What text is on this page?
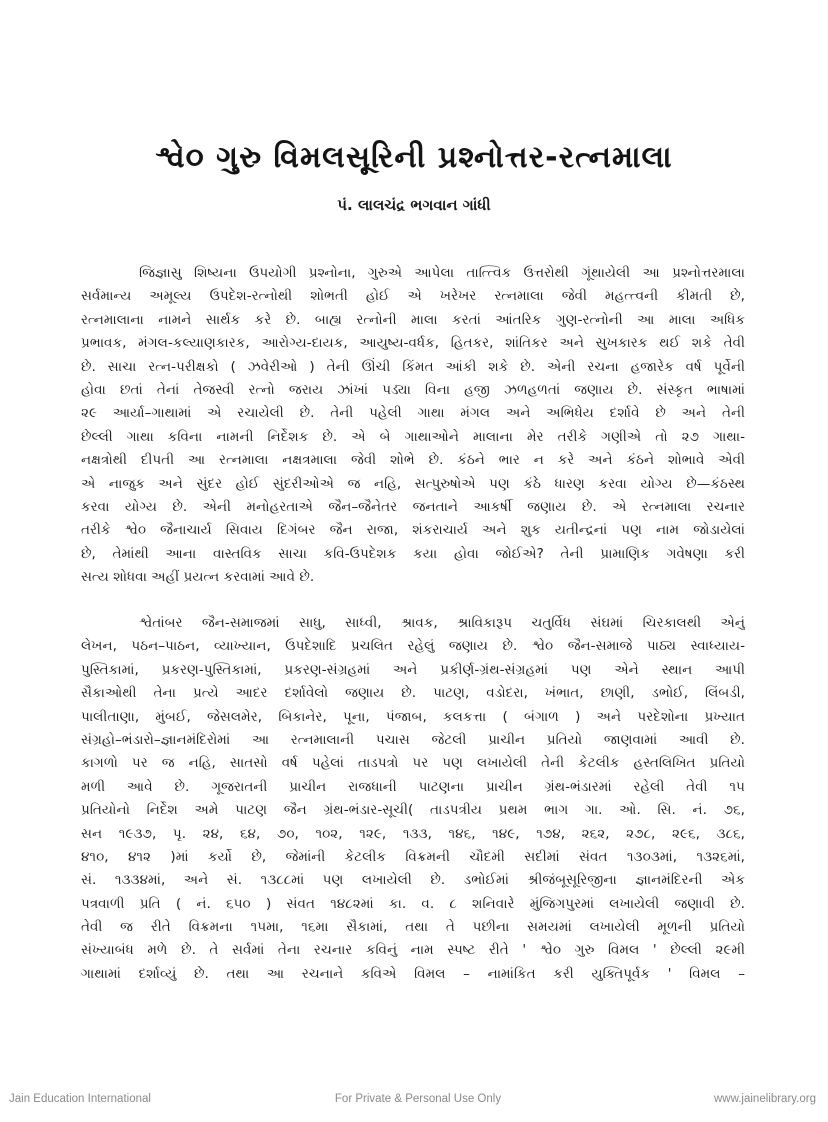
શ્વે૦ ગુરુ વિમલસૂરિની પ્રશ્નોત્તર-રત્નમાલા
પં. લાલચંદ્ર ભગવાન ગાંધી
જિજ્ઞાસુ શિષ્યના ઉપયોગી પ્રશ્નોના, ગુરુએ આપેલા તાત્ત્વિક ઉત્તરોથી ગૂંથાયેલી આ પ્રશ્નોત્તરમાલા
સર્વમાન્ય અમૂલ્ય ઉપદેશ-રત્નોથી શોભતી હોઈ એ ખરેખર રત્નમાલા જેવી મહત્ત્વની કીમતી છે,
રત્નમાલાના નામને સાર્થક કરે છે. બાહ્ય રત્નોની માલા કરતાં આંતરિક ગુણ-રત્નોની આ માલા અધિક
પ્રભાવક, મંગલ-કલ્યાણકારક, આરોગ્ય-દાયક, આયુષ્ય-વર્ધક, હિતકર, શાંતિકર અને સુખકારક થઈ શકે તેવી
છે. સાચા રત્ન-પરીક્ષકો ( ઝવેરીઓ ) તેની ઊંચી કિંમત આંકી શકે છે. એની રચના હજારેક વર્ષ પૂર્વેની
હોવા છતાં તેનાં તેજસ્વી રત્નો જરાય ઝાંખાં પડ્યા વિના હજી ઝળહળતાં જણાય છે. સંસ્કૃત ભાષામાં
૨૯ આર્યા–ગાથામાં એ રચાયેલી છે. તેની પહેલી ગાથા મંગલ અને અભિધેય દર્શાવે છે અને તેની
છેલ્લી ગાથા કવિના નામની નિર્દેશક છે. એ બે ગાથાઓને માલાના મેર તરીકે ગણીએ તો ૨૭ ગાથા-
નક્ષત્રોથી દીપતી આ રત્નમાલા નક્ષત્રમાલા જેવી શોભે છે. કંઠને ભાર ન કરે અને કંઠને શોભાવે એવી
એ નાજુક અને સુંદર હોઈ સુંદરીઓએ જ નહિ, સત્પુરુષોએ પણ કંઠે ધારણ કરવા યોગ્ય છે—કંઠસ્થ
કરવા યોગ્ય છે. એની મનોહરતાએ જૈન–જૈનેતર જનતાને આકર્ષી જણાય છે. એ રત્નમાલા રચનાર
તરીકે શ્વે૦ જૈનાચાર્ય સિવાય દિગંબર જૈન રાજા, શંકરાચાર્ય અને શુક યતીન્દ્રનાં પણ નામ જોડાયેલાં
છે, તેમાંથી આના વાસ્તવિક સાચા કવિ-ઉપદેશક કયા હોવા જોઈએ? તેની પ્રામાણિક ગવેષણા કરી
સત્ય શોધવા અહીં પ્રયત્ન કરવામાં આવે છે.
શ્વેતાંબર જૈન-સમાજમાં સાધુ, સાધ્વી, શ્રાવક, શ્રાવિકારૂપ ચતુર્વિધ સંઘમાં ચિરકાલથી એનું
લેખન, પઠન–પાઠન, વ્યાખ્યાન, ઉપદેશાદિ પ્રચલિત રહેલું જણાય છે. શ્વે૦ જૈન-સમાજે પાઠ્ય સ્વાધ્યાય-
પુસ્તિકામાં, પ્રકરણ-પુસ્તિકામાં, પ્રકરણ-સંગ્રહમાં અને પ્રકીર્ણ-ગ્રંથ-સંગ્રહમાં પણ એને સ્થાન આપી
સૈકાઓથી તેના પ્રત્યે આદર દર્શાવેલો જણાય છે. પાટણ, વડોદરા, ખંભાત, છાણી, ડભોઈ, લિંબડી,
પાલીતાણા, મુંબઈ, જેસલમેર, બિકાનેર, પૂના, પંજાબ, કલકત્તા ( બંગાળ ) અને પરદેશોના પ્રખ્યાત
સંગ્રહો–ભંડારો–જ્ઞાનમંદિરોમાં આ રત્નમાલાની પચાસ જેટલી પ્રાચીન પ્રતિયો જાણવામાં આવી છે.
કાગળો પર જ નહિ, સાતસો વર્ષ પહેલાં તાડપત્રો પર પણ લખાયેલી તેની કેટલીક હસ્તલિખિત પ્રતિયો
મળી આવે છે. ગૂજરાતની પ્રાચીન રાજધાની પાટણના પ્રાચીન ગ્રંથ-ભંડારમાં રહેલી તેવી ૧૫
પ્રતિયોનો નિર્દેશ અમે પાટણ જૈન ગ્રંથ-ભંડાર-સૂચી( તાડપત્રીય પ્રથમ ભાગ ગા. ઓ. સિ. નં. ૭૬,
સન ૧૯૩૭, પૃ. ૨૪, ૬૪, ૭૦, ૧૦૨, ૧૨૯, ૧૩૩, ૧૪૬, ૧૪૯, ૧૭૪, ૨૬૨, ૨૭૮, ૨૯૬, ૩૮૬,
૪૧૦, ૪૧૨ )માં કર્યો છે, જેમાંની કેટલીક વિક્રમની ચૌદમી સદીમાં સંવત ૧૩૦૩માં, ૧૩૨૬માં,
સં. ૧૩૩૪માં, અને સં. ૧૩૮૮માં પણ લખાયેલી છે. ડભોઈમાં શ્રીજંબૂસૂરિજીના જ્ઞાનમંદિરની એક
પત્રવાળી પ્રતિ ( નં. ૬૫૦ ) સંવત ૧૪૮૨માં કા. વ. ૮ શનિવારે મુંજિગપુરમાં લખાયેલી જણાવી છે.
તેવી જ રીતે વિક્રમના ૧૫મા, ૧૬મા સૈકામાં, તથા તે પછીના સમયમાં લખાયેલી મૂળની પ્રતિયો
સંખ્યાબંધ મળે છે. તે સર્વમાં તેના રચનાર કવિનું નામ સ્પષ્ટ રીતે ' શ્વે૦ ગુરુ વિમલ ' છેલ્લી ૨૯મી
ગાથામાં દર્શાવ્યું છે. તથા આ રચનાને કવિએ વિમલ – નામાંકિત કરી યુક્તિપૂર્વક ' વિમલ –
Jain Education International	For Private & Personal Use Only	www.jainelibrary.org
